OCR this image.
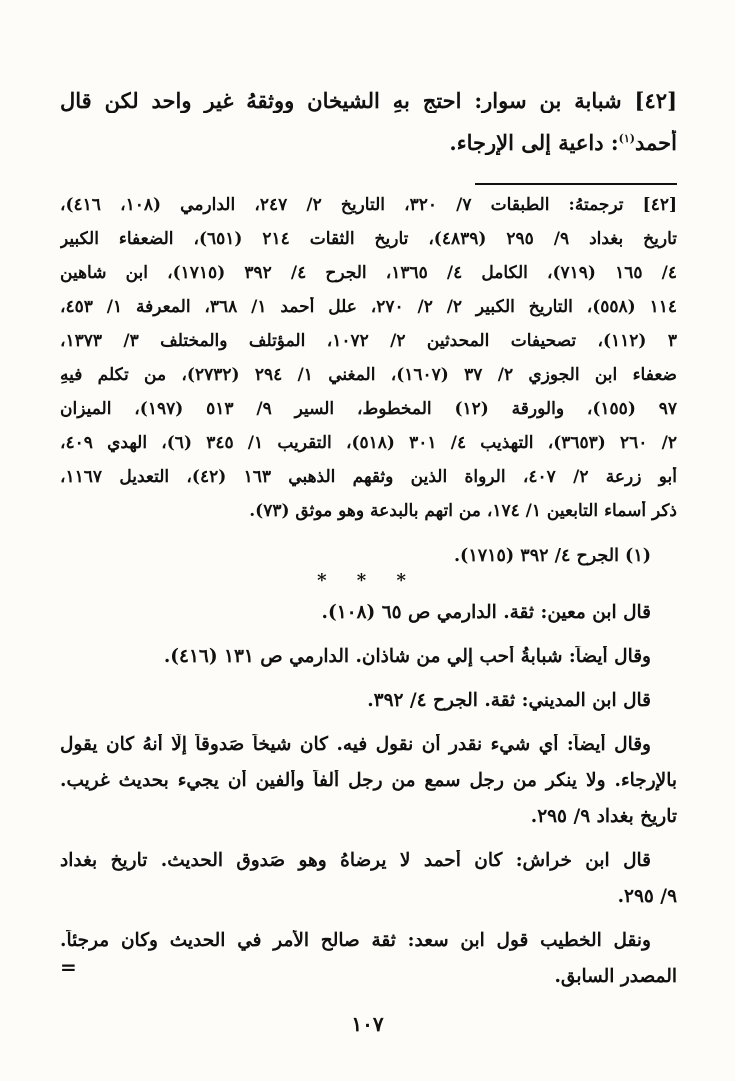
[٤٢] شبابة بن سوار: احتج بهِ الشيخان ووثقهُ غير واحد لكن قال
أحمد$^{(١)}$: داعية إلى الإرجاء.
[٤٢] ترجمتهُ: الطبقات ٧/ ٣٢٠، التاريخ ٢/ ٢٤٧، الدارمي (١٠٨، ٤١٦)،
تاريخ بغداد ٩/ ٢٩٥ (٤٨٣٩)، تاريخ الثقات ٢١٤ (٦٥١)، الضعفاء الكبير
٤/ ١٦٥ (٧١٩)، الكامل ٤/ ١٣٦٥، الجرح ٤/ ٣٩٢ (١٧١٥)، ابن شاهين
١١٤ (٥٥٨)، التاريخ الكبير ٢/ ٢/ ٢٧٠، علل أحمد ١/ ٣٦٨، المعرفة ١/ ٤٥٣،
٣ (١١٢)، تصحيفات المحدثين ٢/ ١٠٧٢، المؤتلف والمختلف ٣/ ١٣٧٣،
ضعفاء ابن الجوزي ٢/ ٣٧ (١٦٠٧)، المغني ١/ ٢٩٤ (٢٧٣٢)، من تكلم فيهِ
٩٧ (١٥٥)، والورقة (١٢) المخطوط، السير ٩/ ٥١٣ (١٩٧)، الميزان
٢/ ٢٦٠ (٣٦٥٣)، التهذيب ٤/ ٣٠١ (٥١٨)، التقريب ١/ ٣٤٥ (٦)، الهدي ٤٠٩،
أبو زرعة ٢/ ٤٠٧، الرواة الذين وثقهم الذهبي ١٦٣ (٤٢)، التعديل ١١٦٧،
ذكر أسماء التابعين ١/ ١٧٤، من اتهم بالبدعة وهو موثق (٧٣).
(١) الجرح ٤/ ٣٩٢ (١٧١٥).
* * *
قال ابن معين: ثقة. الدارمي ص ٦٥ (١٠٨).
وقال أيضاً: شبابةُ أحب إلي من شاذان. الدارمي ص ١٣١ (٤١٦).
قال ابن المديني: ثقة. الجرح ٤/ ٣٩٢.
وقال أيضاً: أي شيء نقدر أن نقول فيه. كان شيخاً صَدوقاً إلّا أنهُ كان يقول
بالإرجاء. ولا ينكر من رجل سمع من رجل ألفاً وألفين أن يجيء بحديث غريب.
تاريخ بغداد ٩/ ٢٩٥.
قال ابن خراش: كان أحمد لا يرضاهُ وهو صَدوق الحديث. تاريخ بغداد
٩/ ٢٩٥.
ونقل الخطيب قول ابن سعد: ثقة صالح الأمر في الحديث وكان مرجئاً.
المصدر السابق.
=
١٠٧
